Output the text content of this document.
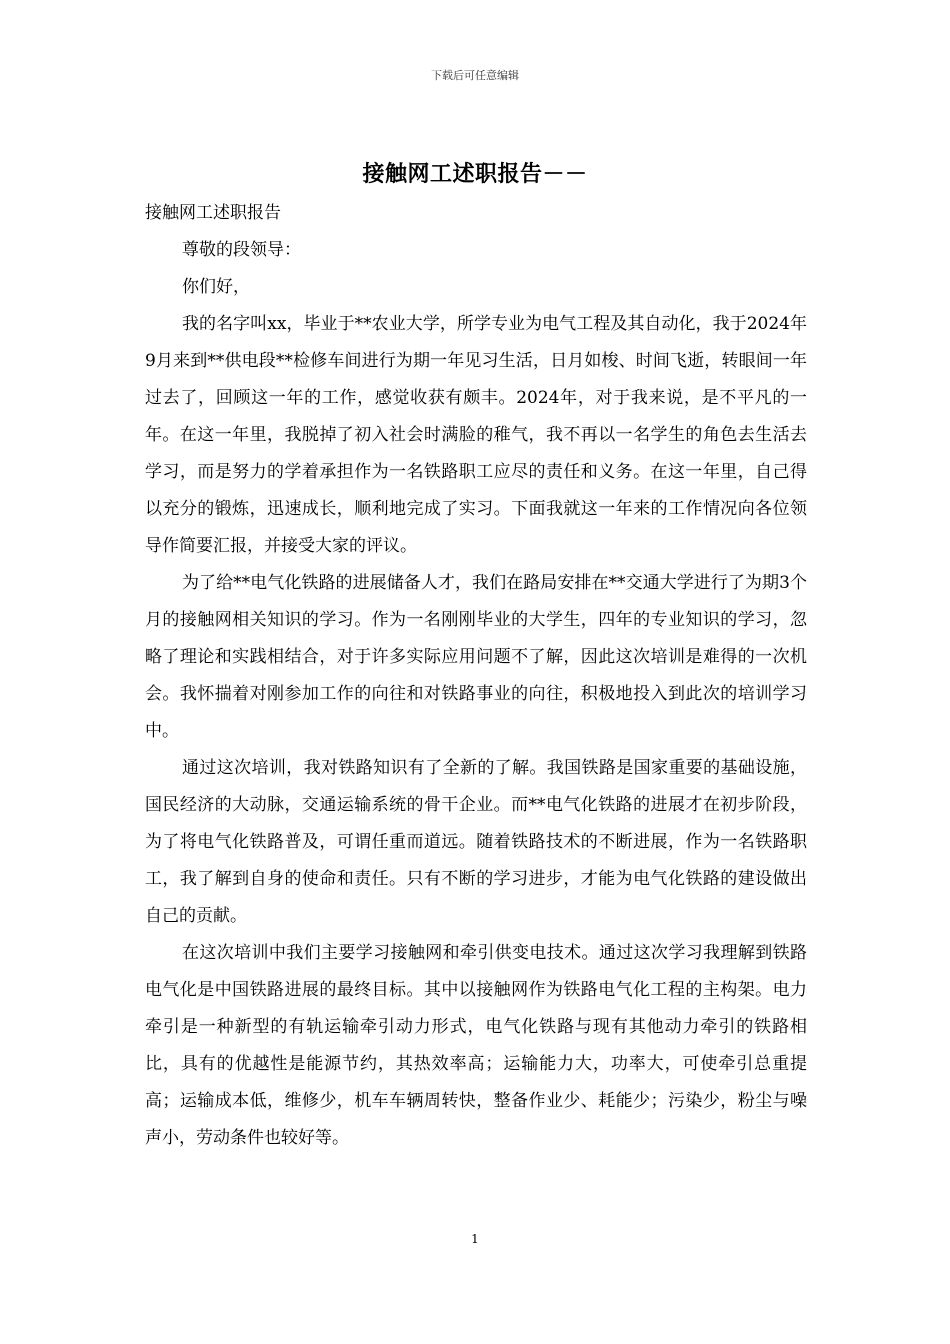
下载后可任意编辑
接触网工述职报告－－

接触网工述职报告

尊敬的段领导：

你们好，

我的名字叫xx，毕业于**农业大学，所学专业为电气工程及其自动化，我于2024年9月来到**供电段**检修车间进行为期一年见习生活，日月如梭、时间飞逝，转眼间一年过去了，回顾这一年的工作，感觉收获有颇丰。2024年，对于我来说，是不平凡的一年。在这一年里，我脱掉了初入社会时满脸的稚气，我不再以一名学生的角色去生活去学习，而是努力的学着承担作为一名铁路职工应尽的责任和义务。在这一年里，自己得以充分的锻炼，迅速成长，顺利地完成了实习。下面我就这一年来的工作情况向各位领导作简要汇报，并接受大家的评议。

为了给**电气化铁路的进展储备人才，我们在路局安排在**交通大学进行了为期3个月的接触网相关知识的学习。作为一名刚刚毕业的大学生，四年的专业知识的学习，忽略了理论和实践相结合，对于许多实际应用问题不了解，因此这次培训是难得的一次机会。我怀揣着对刚参加工作的向往和对铁路事业的向往，积极地投入到此次的培训学习中。

通过这次培训，我对铁路知识有了全新的了解。我国铁路是国家重要的基础设施，国民经济的大动脉，交通运输系统的骨干企业。而**电气化铁路的进展才在初步阶段，为了将电气化铁路普及，可谓任重而道远。随着铁路技术的不断进展，作为一名铁路职工，我了解到自身的使命和责任。只有不断的学习进步，才能为电气化铁路的建设做出自己的贡献。

在这次培训中我们主要学习接触网和牵引供变电技术。通过这次学习我理解到铁路电气化是中国铁路进展的最终目标。其中以接触网作为铁路电气化工程的主构架。电力牵引是一种新型的有轨运输牵引动力形式，电气化铁路与现有其他动力牵引的铁路相比，具有的优越性是能源节约，其热效率高；运输能力大，功率大，可使牵引总重提高；运输成本低，维修少，机车车辆周转快，整备作业少、耗能少；污染少，粉尘与噪声小，劳动条件也较好等。

1
